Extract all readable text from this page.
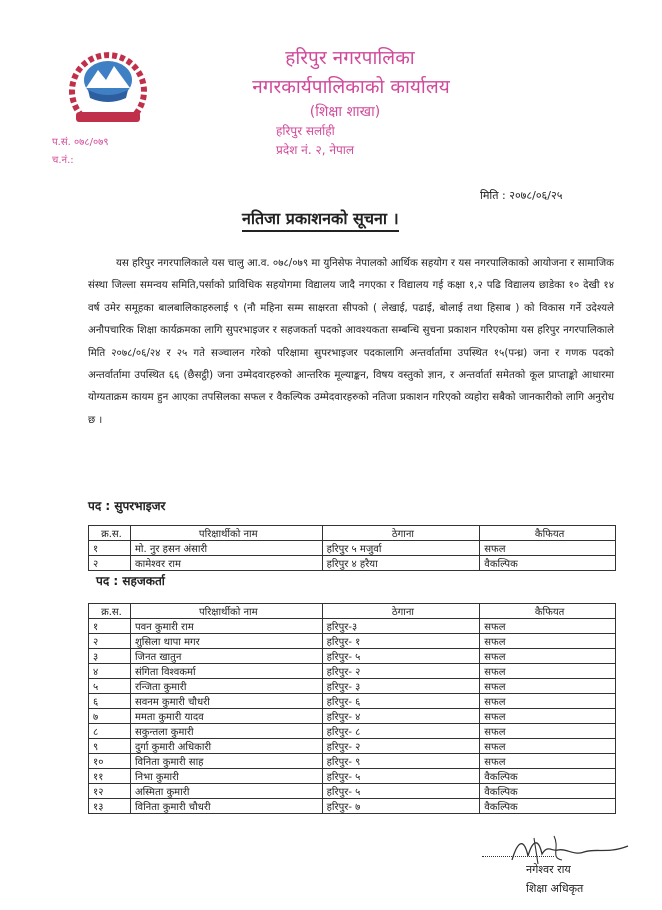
हरिपुर नगरपालिका
नगरकार्यपालिकाको कार्यालय
(शिक्षा शाखा)
हरिपुर सर्लाही
प्रदेश नं. २, नेपाल
प.सं. ०७८/०७९
च.नं.:
मिति : २०७८/०६/२५
नतिजा प्रकाशनको सूचना ।
यस हरिपुर नगरपालिकाले यस चालु आ.व. ०७८/०७९ मा युनिसेफ नेपालको आर्थिक सहयोग र यस नगरपालिकाको आयोजना र सामाजिक संस्था जिल्ला समन्वय समिति,पर्साको प्राविधिक सहयोगमा विद्यालय जादै नगएका र विद्यालय गई कक्षा १,२ पढि विद्यालय छाडेका १० देखी १४ वर्ष उमेर समूहका बालबालिकाहरुलाई ९ (नौ महिना सम्म साक्षरता सीपको ( लेखाई, पढाई, बोलाई तथा हिसाब ) को विकास गर्ने उदेश्यले अनौपचारिक शिक्षा कार्यक्रमका लागि सुपरभाइजर र सहजकर्ता पदको आवश्यकता सम्बन्धि सुचना प्रकाशन गरिएकोमा यस हरिपुर नगरपालिकाले मिति २०७८/०६/२४ र २५ गते सञ्चालन गरेको परिक्षामा सुपरभाइजर पदकालागि अन्तर्वार्तामा उपस्थित १५(पन्ध्र) जना र गणक पदको अन्तर्वार्तामा उपस्थित ६६ (छैसट्ठी) जना उम्मेदवारहरुको आन्तरिक मूल्याङ्कन, विषय वस्तुको ज्ञान, र अन्तर्वार्ता समेतको कूल प्राप्ताङ्को आधारमा योग्यताक्रम कायम हुन आएका तपसिलका सफल र वैकल्पिक उम्मेदवारहरुको नतिजा प्रकाशन गरिएको व्यहोरा सबैको जानकारीको लागि अनुरोध छ ।
पद : सुपरभाइजर
क्र.स.	परिक्षार्थीको नाम	ठेगाना	कैफियत
१	मो. नुर हसन अंसारी	हरिपुर ५ मजुर्वा	सफल
२	कामेश्वर राम	हरिपुर ४ हरैया	वैकल्पिक
पद : सहजकर्ता
क्र.स.	परिक्षार्थीको नाम	ठेगाना	कैफियत
१	पवन कुमारी राम	हरिपुर-३	सफल
२	शुसिला थापा मगर	हरिपुर- १	सफल
३	जिनत खातुन	हरिपुर- ५	सफल
४	संगिता विश्वकर्मा	हरिपुर- २	सफल
५	रन्जिता कुमारी	हरिपुर- ३	सफल
६	सवनम कुमारी चौधरी	हरिपुर- ६	सफल
७	ममता कुमारी यादव	हरिपुर- ४	सफल
८	सकुन्तला कुमारी	हरिपुर- ८	सफल
९	दुर्गा कुमारी अधिकारी	हरिपुर- २	सफल
१०	विनिता कुमारी साह	हरिपुर- ९	सफल
११	निभा कुमारी	हरिपुर- ५	वैकल्पिक
१२	अस्मिता कुमारी	हरिपुर- ५	वैकल्पिक
१३	विनिता कुमारी चौधरी	हरिपुर- ७	वैकल्पिक
नगेश्वर राय
शिक्षा अधिकृत
